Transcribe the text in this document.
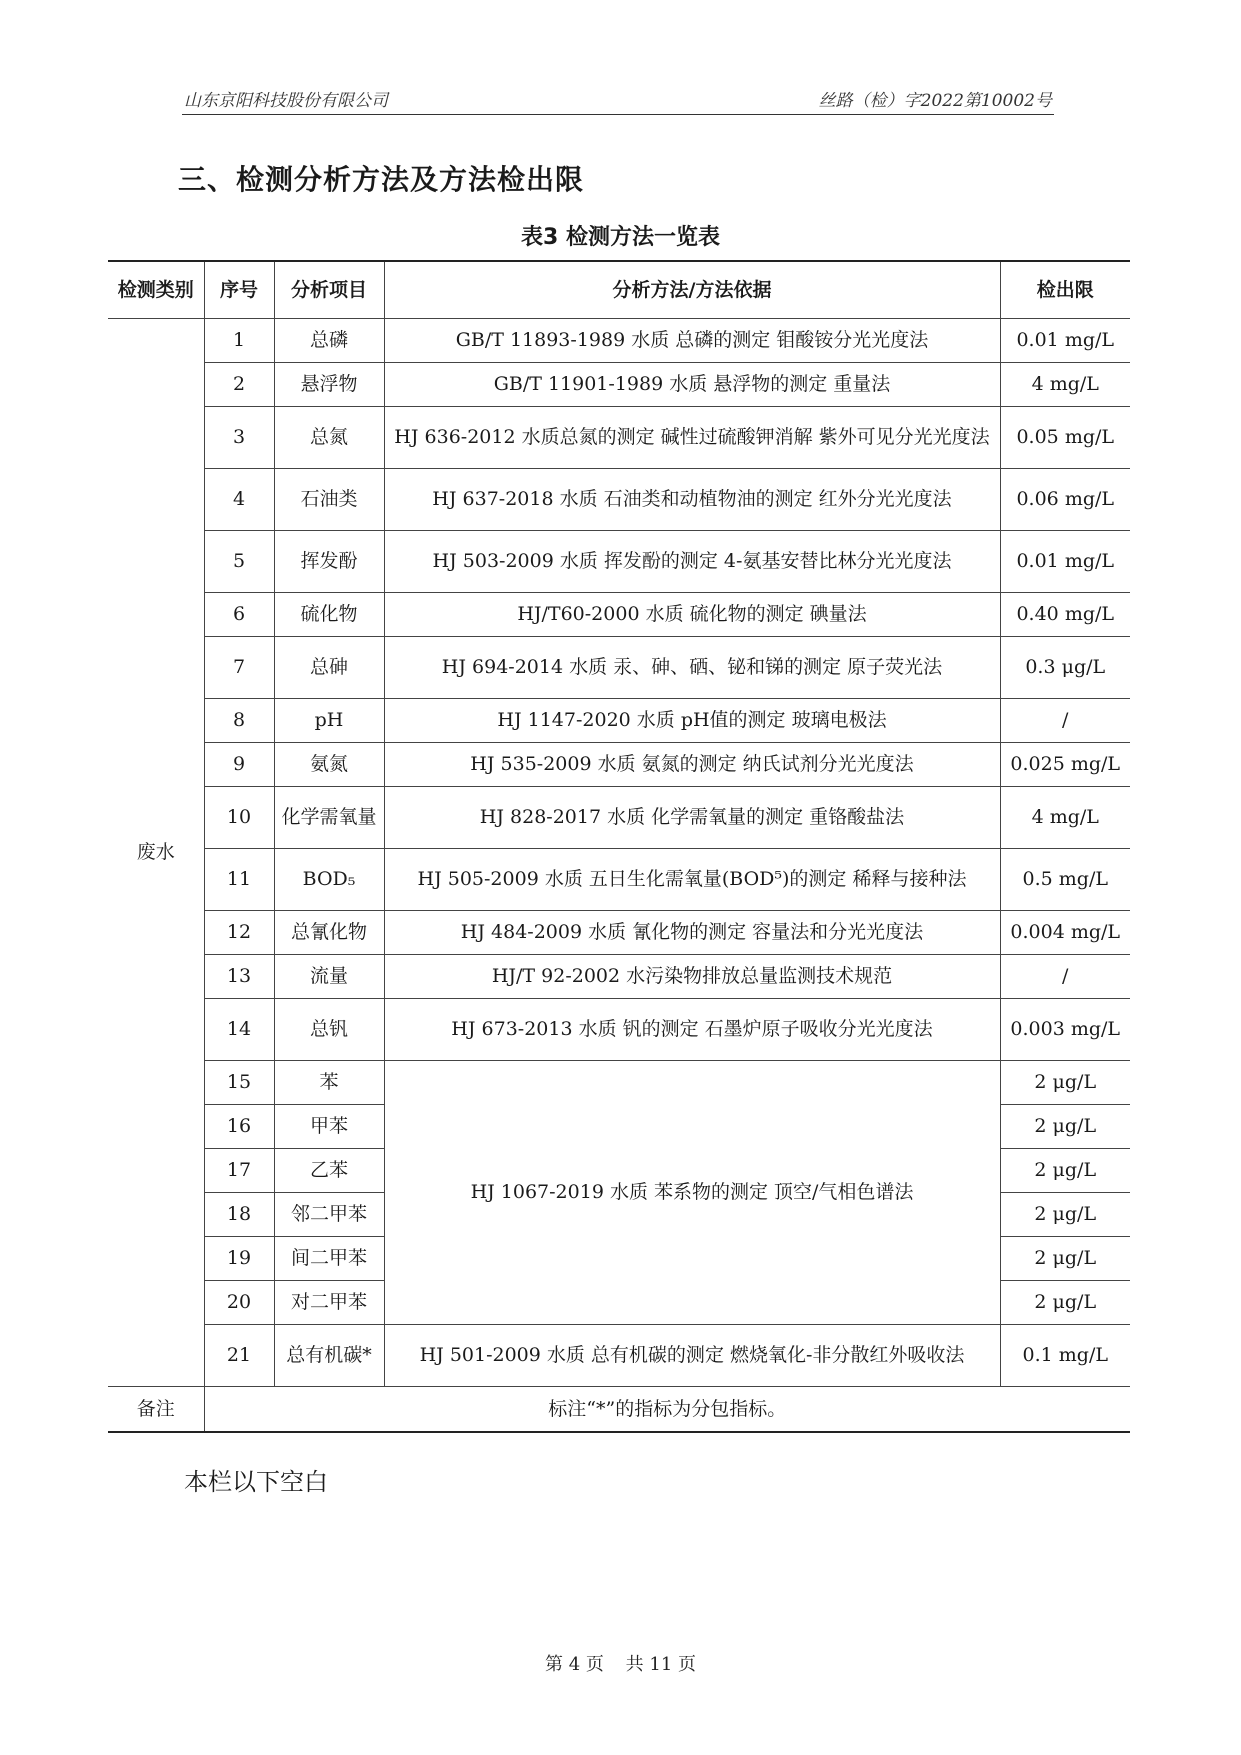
山东京阳科技股份有限公司	丝路（检）字2022第10002号
三、检测分析方法及方法检出限
表3 检测方法一览表
检测类别	序号	分析项目	分析方法/方法依据	检出限
废水	1	总磷	GB/T 11893-1989 水质 总磷的测定 钼酸铵分光光度法	0.01 mg/L
	2	悬浮物	GB/T 11901-1989 水质 悬浮物的测定 重量法	4 mg/L
	3	总氮	HJ 636-2012 水质总氮的测定 碱性过硫酸钾消解 紫外可见分光光度法	0.05 mg/L
	4	石油类	HJ 637-2018 水质 石油类和动植物油的测定 红外分光光度法	0.06 mg/L
	5	挥发酚	HJ 503-2009 水质 挥发酚的测定 4-氨基安替比林分光光度法	0.01 mg/L
	6	硫化物	HJ/T60-2000 水质 硫化物的测定 碘量法	0.40 mg/L
	7	总砷	HJ 694-2014 水质 汞、砷、硒、铋和锑的测定 原子荧光法	0.3 μg/L
	8	pH	HJ 1147-2020 水质 pH值的测定 玻璃电极法	/
	9	氨氮	HJ 535-2009 水质 氨氮的测定 纳氏试剂分光光度法	0.025 mg/L
	10	化学需氧量	HJ 828-2017 水质 化学需氧量的测定 重铬酸盐法	4 mg/L
	11	BOD₅	HJ 505-2009 水质 五日生化需氧量(BOD⁵)的测定 稀释与接种法	0.5 mg/L
	12	总氰化物	HJ 484-2009 水质 氰化物的测定 容量法和分光光度法	0.004 mg/L
	13	流量	HJ/T 92-2002 水污染物排放总量监测技术规范	/
	14	总钒	HJ 673-2013 水质 钒的测定 石墨炉原子吸收分光光度法	0.003 mg/L
	15	苯	HJ 1067-2019 水质 苯系物的测定 顶空/气相色谱法	2 μg/L
	16	甲苯		2 μg/L
	17	乙苯		2 μg/L
	18	邻二甲苯		2 μg/L
	19	间二甲苯		2 μg/L
	20	对二甲苯		2 μg/L
	21	总有机碳*	HJ 501-2009 水质 总有机碳的测定 燃烧氧化-非分散红外吸收法	0.1 mg/L
备注	标注“*”的指标为分包指标。			
本栏以下空白
第 4 页 共 11 页
